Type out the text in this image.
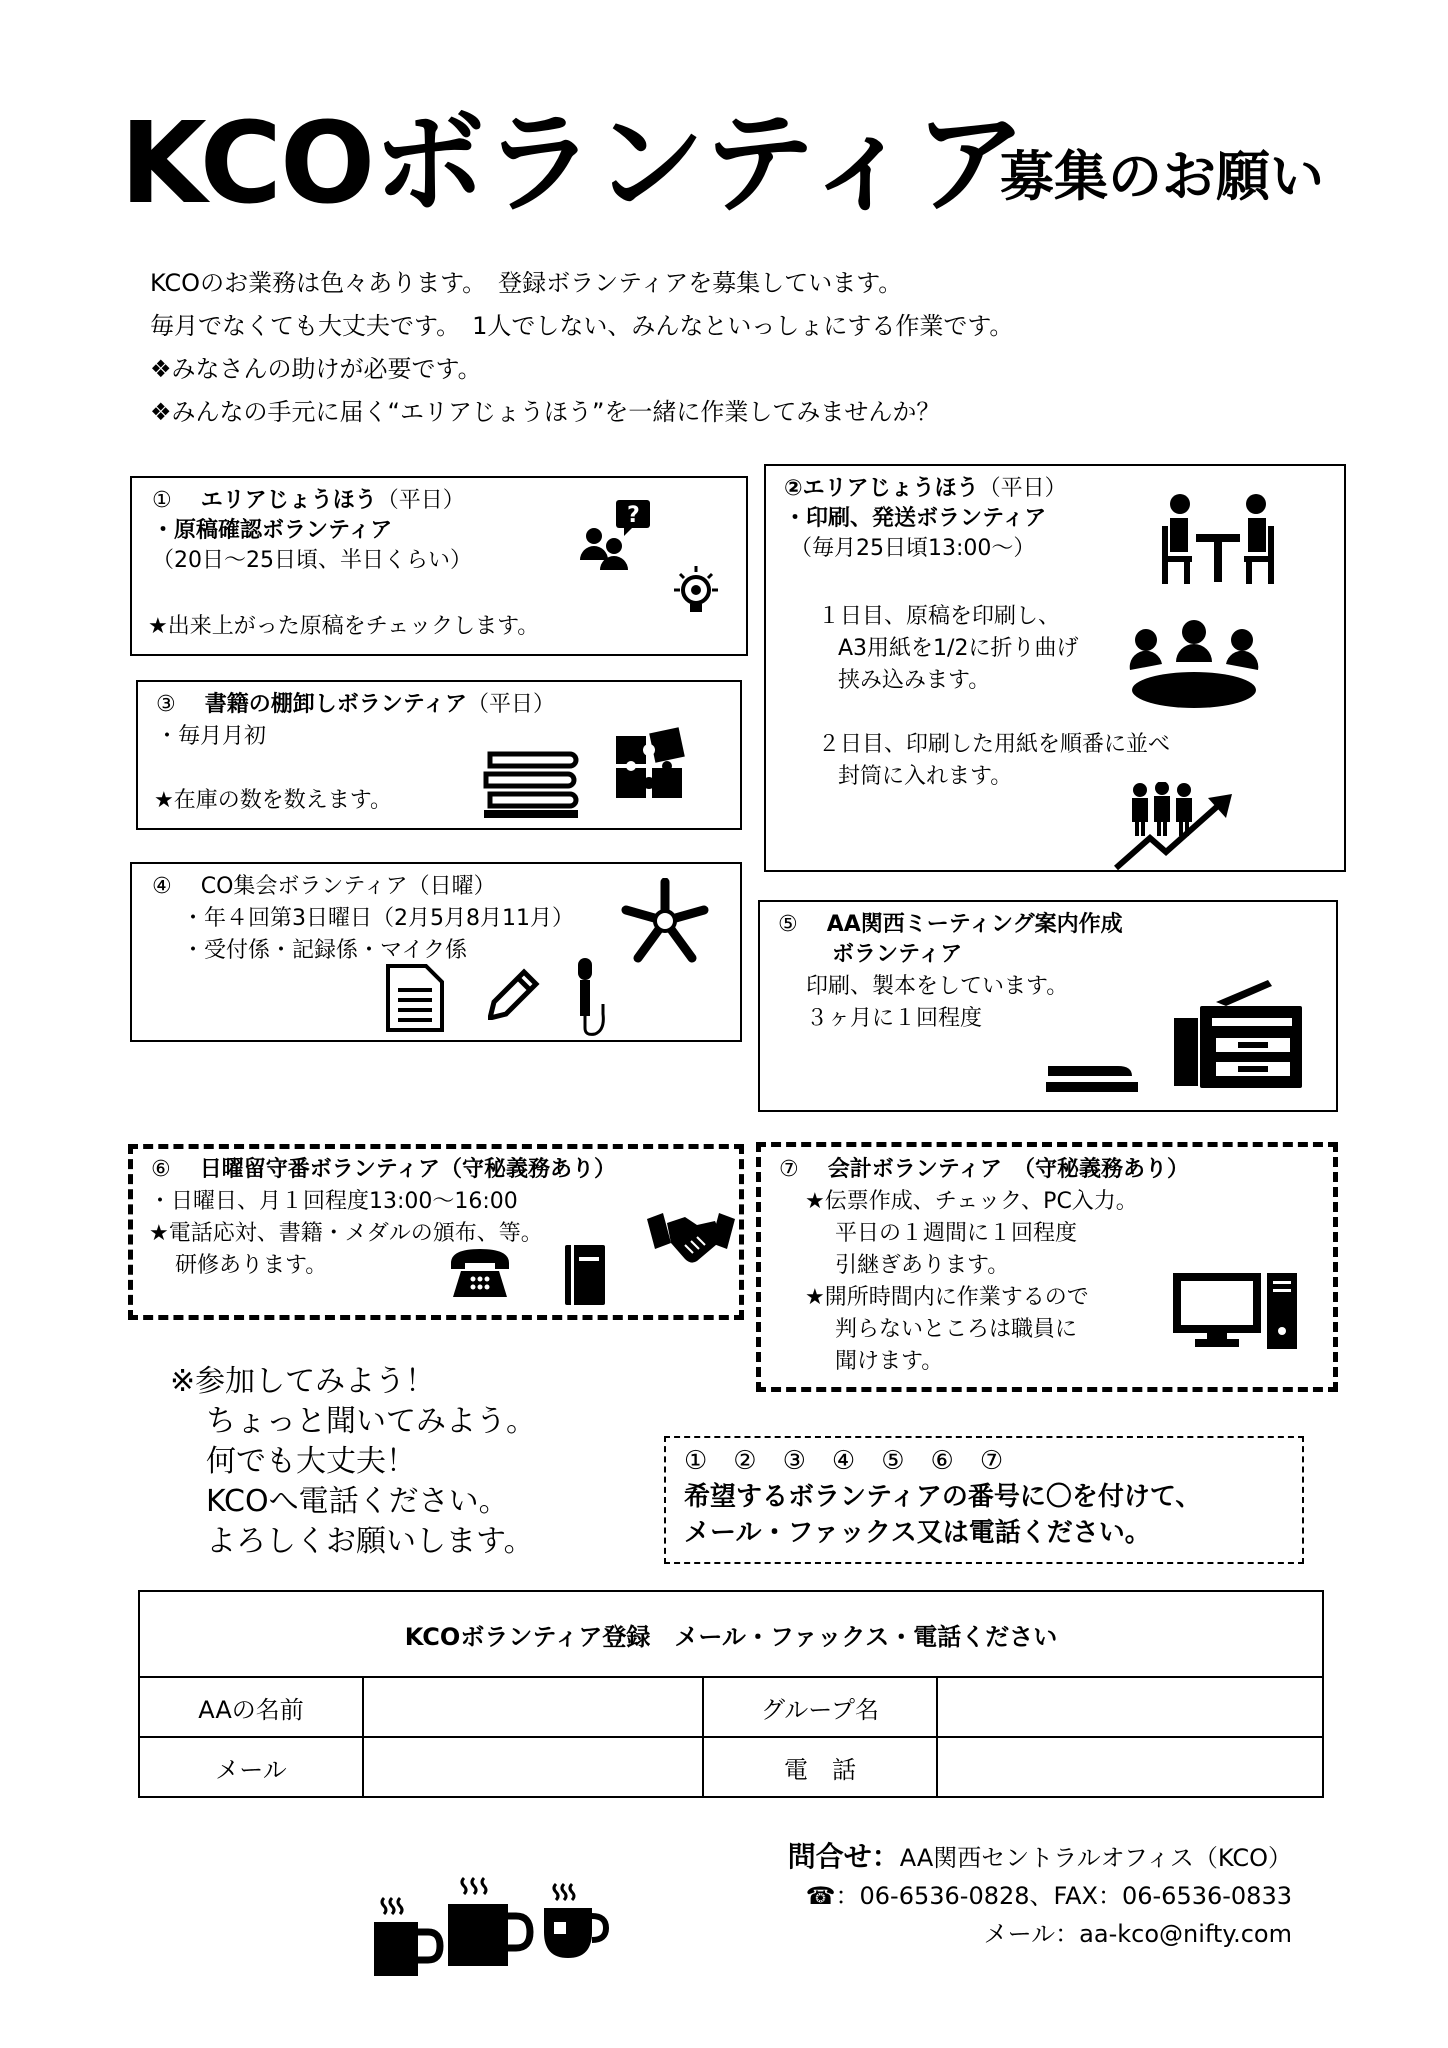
KCOボランティア
募集のお願い
KCOのお業務は色々あります。　登録ボランティアを募集しています。
毎月でなくても大丈夫です。　1人でしない、みんなといっしょにする作業です。
❖みなさんの助けが必要です。
❖みんなの手元に届く“エリアじょうほう”を一緒に作業してみませんか？
①　 エリアじょうほう（平日）
・原稿確認ボランティア
（20日〜25日頃、半日くらい）
★出来上がった原稿をチェックします。
?
②エリアじょうほう（平日）
・印刷、発送ボランティア
（毎月25日頃13:00〜）
１日目、原稿を印刷し、
A3用紙を1/2に折り曲げ
挟み込みます。
２日目、印刷した用紙を順番に並べ
封筒に入れます。
③　 書籍の棚卸しボランティア（平日）
・毎月月初
★在庫の数を数えます。
④　 CO集会ボランティア（日曜）
・年４回第3日曜日（2月5月8月11月）
・受付係・記録係・マイク係
⑤　 AA関西ミーティング案内作成
ボランティア
印刷、製本をしています。
３ヶ月に１回程度
⑥　 日曜留守番ボランティア（守秘義務あり）
・日曜日、月１回程度13:00〜16:00
★電話応対、書籍・メダルの頒布、等。
研修あります。
⑦　 会計ボランティア　（守秘義務あり）
★伝票作成、チェック、PC入力。
平日の１週間に１回程度
引継ぎあります。
★開所時間内に作業するので
判らないところは職員に
聞けます。
※参加してみよう！
ちょっと聞いてみよう。
何でも大丈夫！
KCOへ電話ください。
よろしくお願いします。
①　②　③　④　⑤　⑥　⑦
希望するボランティアの番号に〇を付けて、
メール・ファックス又は電話ください。
KCOボランティア登録　メール・ファックス・電話ください			
AAの名前		グループ名	
メール		電　話	
問合せ：AA関西セントラルオフィス（KCO）
☎：06-6536-0828、FAX：06-6536-0833
メール：aa-kco@nifty.com
